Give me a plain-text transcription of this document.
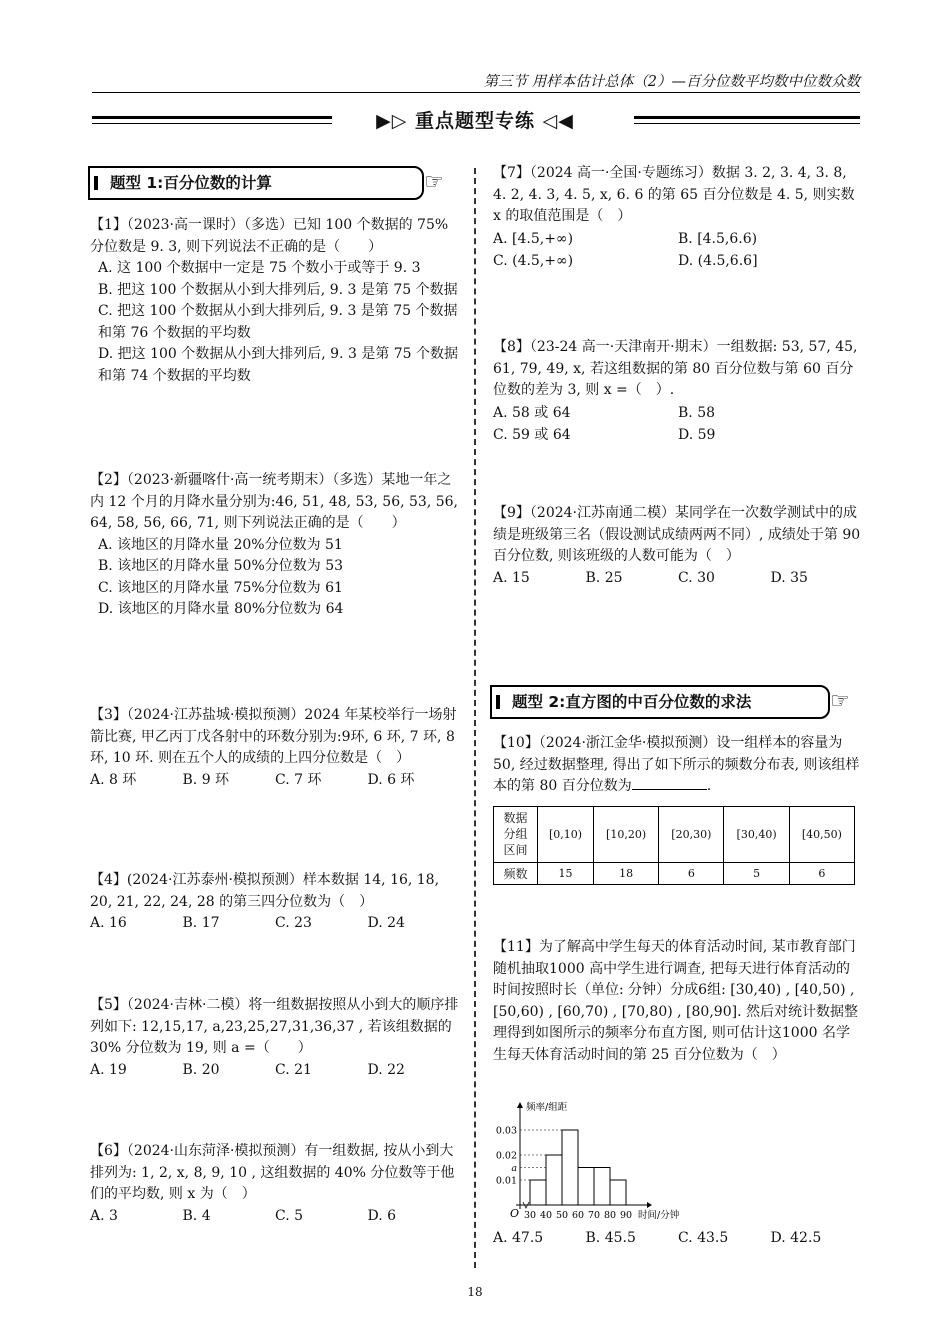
第三节 用样本估计总体（2）—百分位数平均数中位数众数
▶▷ 重点题型专练 ◁◀
题型 1:百分位数的计算	☞
【1】（2023·高一课时）（多选）已知 100 个数据的 75%分位数是 9. 3, 则下列说法不正确的是（　　）
A. 这 100 个数据中一定是 75 个数小于或等于 9. 3
B. 把这 100 个数据从小到大排列后, 9. 3 是第 75 个数据
C. 把这 100 个数据从小到大排列后, 9. 3 是第 75 个数据和第 76 个数据的平均数
D. 把这 100 个数据从小到大排列后, 9. 3 是第 75 个数据和第 74 个数据的平均数
【2】（2023·新疆喀什·高一统考期末）（多选）某地一年之内 12 个月的月降水量分别为:46, 51, 48, 53, 56, 53, 56, 64, 58, 56, 66, 71, 则下列说法正确的是（　　）
A. 该地区的月降水量 20%分位数为 51
B. 该地区的月降水量 50%分位数为 53
C. 该地区的月降水量 75%分位数为 61
D. 该地区的月降水量 80%分位数为 64
【3】（2024·江苏盐城·模拟预测）2024 年某校举行一场射箭比赛, 甲乙丙丁戊各射中的环数分别为:9环, 6 环, 7 环, 8 环, 10 环. 则在五个人的成绩的上四分位数是（　）
A. 8 环	B. 9 环	C. 7 环	D. 6 环
【4】(2024·江苏泰州·模拟预测）样本数据 14, 16, 18, 20, 21, 22, 24, 28 的第三四分位数为（　）
A. 16	B. 17	C. 23	D. 24
【5】（2024·吉林·二模）将一组数据按照从小到大的顺序排列如下: 12,15,17, a,23,25,27,31,36,37 , 若该组数据的 30% 分位数为 19, 则 a =（　　）
A. 19	B. 20	C. 21	D. 22
【6】（2024·山东菏泽·模拟预测）有一组数据, 按从小到大排列为: 1, 2, x, 8, 9, 10 , 这组数据的 40% 分位数等于他们的平均数, 则 x 为（　）
A. 3	B. 4	C. 5	D. 6
【7】（2024 高一·全国·专题练习）数据 3. 2, 3. 4, 3. 8, 4. 2, 4. 3, 4. 5, x, 6. 6 的第 65 百分位数是 4. 5, 则实数 x 的取值范围是（　）
A. [4.5,+∞)	B. [4.5,6.6)
C. (4.5,+∞)	D. (4.5,6.6]
【8】（23-24 高一·天津南开·期末）一组数据: 53, 57, 45, 61, 79, 49, x, 若这组数据的第 80 百分位数与第 60 百分位数的差为 3, 则 x =（　）.
A. 58 或 64	B. 58
C. 59 或 64	D. 59
【9】（2024·江苏南通二模）某同学在一次数学测试中的成绩是班级第三名（假设测试成绩两两不同）, 成绩处于第 90 百分位数, 则该班级的人数可能为（　）
A. 15	B. 25	C. 30	D. 35
题型 2:直方图的中百分位数的求法	☞
【10】（2024·浙江金华·模拟预测）设一组样本的容量为 50, 经过数据整理, 得出了如下所示的频数分布表, 则该组样本的第 80 百分位数为	.
数据分组区间	[0,10)	[10,20)	[20,30)	[30,40)	[40,50)
频数	15	18	6	5	6
【11】为了解高中学生每天的体育活动时间, 某市教育部门随机抽取1000 高中学生进行调查, 把每天进行体育活动的时间按照时长（单位: 分钟）分成6组: [30,40) , [40,50) , [50,60) , [60,70) , [70,80) , [80,90]. 然后对统计数据整理得到如图所示的频率分布直方图, 则可估计这1000 名学生每天体育活动时间的第 25 百分位数为（　）
0.03
0.02
a
0.01
30 40 50 60 70 80 90
O	时间/分钟
频率/组距
A. 47.5	B. 45.5	C. 43.5	D. 42.5
18
